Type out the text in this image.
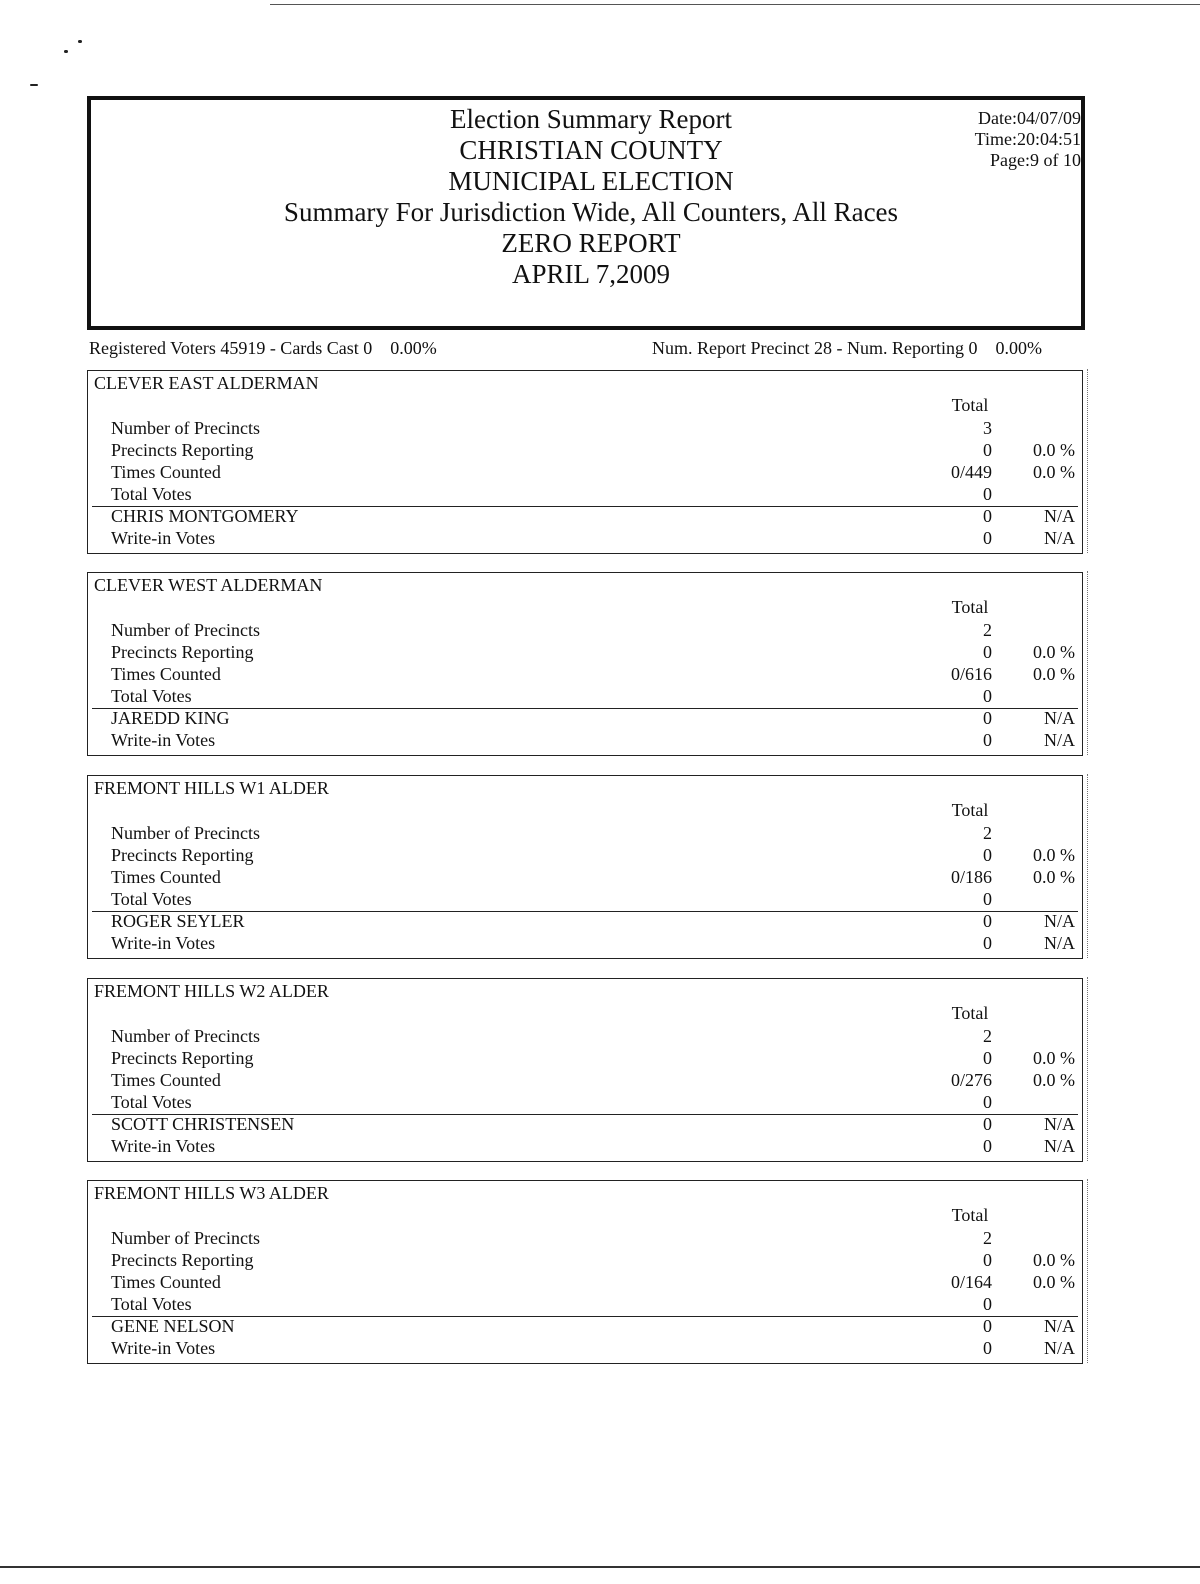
Election Summary Report
CHRISTIAN COUNTY
MUNICIPAL ELECTION
Summary For Jurisdiction Wide, All Counters, All Races
ZERO REPORT
APRIL 7,2009
Date:04/07/09
Time:20:04:51
Page:9 of 10
Registered Voters 45919 - Cards Cast 0    0.00%	Num. Report Precinct 28 - Num. Reporting 0    0.00%
CLEVER EAST ALDERMAN
Total
Number of Precincts	3
Precincts Reporting	0 0.0 %
Times Counted	0/449 0.0 %
Total Votes	0
CHRIS MONTGOMERY	0	N/A
Write-in Votes	0	N/A
CLEVER WEST ALDERMAN
Total
Number of Precincts	2
Precincts Reporting	0 0.0 %
Times Counted	0/616 0.0 %
Total Votes	0
JAREDD KING	0	N/A
Write-in Votes	0	N/A
FREMONT HILLS W1 ALDER
Total
Number of Precincts	2
Precincts Reporting	0 0.0 %
Times Counted	0/186 0.0 %
Total Votes	0
ROGER SEYLER	0	N/A
Write-in Votes	0	N/A
FREMONT HILLS W2 ALDER
Total
Number of Precincts	2
Precincts Reporting	0 0.0 %
Times Counted	0/276 0.0 %
Total Votes	0
SCOTT CHRISTENSEN	0	N/A
Write-in Votes	0	N/A
FREMONT HILLS W3 ALDER
Total
Number of Precincts	2
Precincts Reporting	0 0.0 %
Times Counted	0/164 0.0 %
Total Votes	0
GENE NELSON	0	N/A
Write-in Votes	0	N/A
